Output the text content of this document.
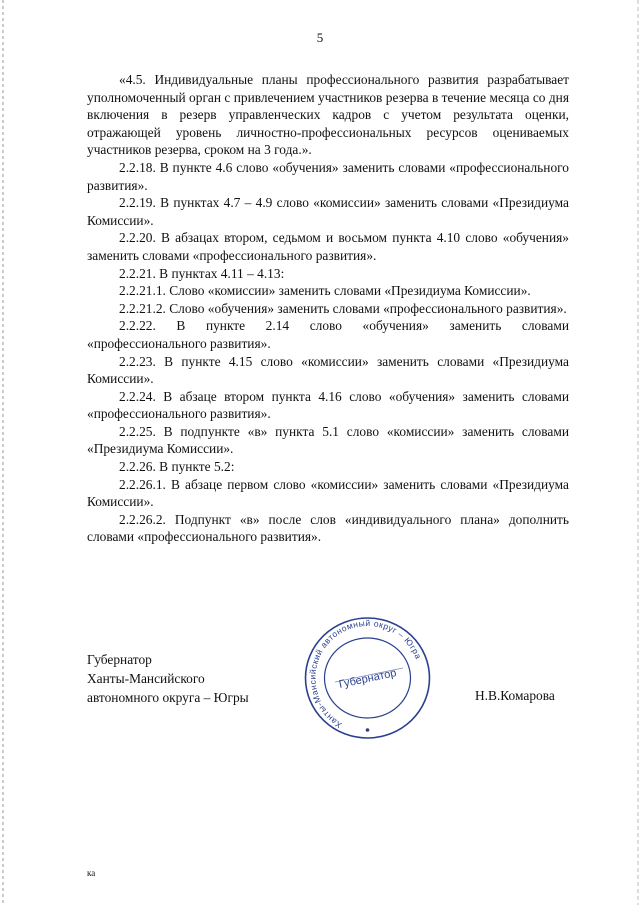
5

«4.5. Индивидуальные планы профессионального развития разрабатывает уполномоченный орган с привлечением участников резерва в течение месяца со дня включения в резерв управленческих кадров с учетом результата оценки, отражающей уровень личностно-профессиональных ресурсов оцениваемых участников резерва, сроком на 3 года.».

2.2.18. В пункте 4.6 слово «обучения» заменить словами «профессионального развития».

2.2.19. В пунктах 4.7 – 4.9 слово «комиссии» заменить словами «Президиума Комиссии».

2.2.20. В абзацах втором, седьмом и восьмом пункта 4.10 слово «обучения» заменить словами «профессионального развития».

2.2.21. В пунктах 4.11 – 4.13:

2.2.21.1. Слово «комиссии» заменить словами «Президиума Комиссии».

2.2.21.2. Слово «обучения» заменить словами «профессионального развития».

2.2.22. В пункте 2.14 слово «обучения» заменить словами «профессионального развития».

2.2.23. В пункте 4.15 слово «комиссии» заменить словами «Президиума Комиссии».

2.2.24. В абзаце втором пункта 4.16 слово «обучения» заменить словами «профессионального развития».

2.2.25. В подпункте «в» пункта 5.1 слово «комиссии» заменить словами «Президиума Комиссии».

2.2.26. В пункте 5.2:

2.2.26.1. В абзаце первом слово «комиссии» заменить словами «Президиума Комиссии».

2.2.26.2. Подпункт «в» после слов «индивидуального плана» дополнить словами «профессионального развития».

Губернатор
Ханты-Мансийского
автономного округа – Югры
Ханты-Мансийский автономный округ – Югра
Губернатор
Н.В.Комарова
ка
